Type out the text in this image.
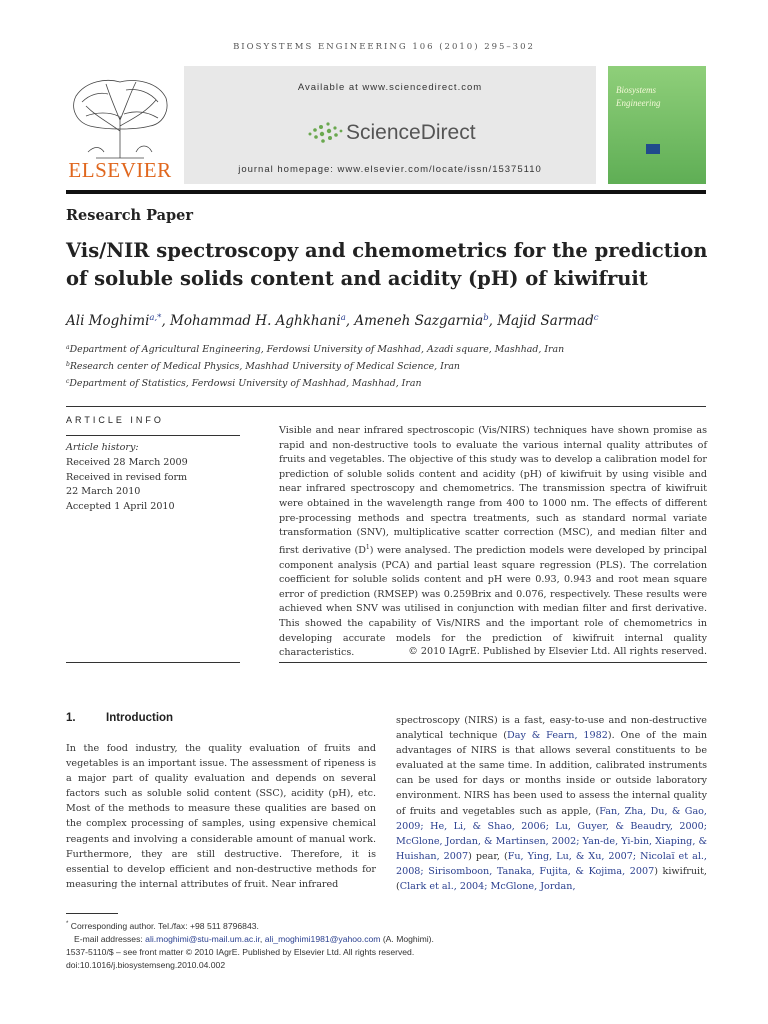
BIOSYSTEMS ENGINEERING 106 (2010) 295–302
ELSEVIER
Available at www.sciencedirect.com
ScienceDirect
journal homepage: www.elsevier.com/locate/issn/15375110
Biosystems
Engineering
Research Paper
Vis/NIR spectroscopy and chemometrics for the prediction of soluble solids content and acidity (pH) of kiwifruit
Ali Moghimi$^{a,*}$, Mohammad H. Aghkhani$^a$, Ameneh Sazgarnia$^b$, Majid Sarmad$^c$
$^a$Department of Agricultural Engineering, Ferdowsi University of Mashhad, Azadi square, Mashhad, Iran
$^b$Research center of Medical Physics, Mashhad University of Medical Science, Iran
$^c$Department of Statistics, Ferdowsi University of Mashhad, Mashhad, Iran
ARTICLE INFO
Article history:
Received 28 March 2009
Received in revised form
22 March 2010
Accepted 1 April 2010
Visible and near infrared spectroscopic (Vis/NIRS) techniques have shown promise as rapid and non-destructive tools to evaluate the various internal quality attributes of fruits and vegetables. The objective of this study was to develop a calibration model for prediction of soluble solids content and acidity (pH) of kiwifruit by using visible and near infrared spectroscopy and chemometrics. The transmission spectra of kiwifruit were obtained in the wavelength range from 400 to 1000 nm. The effects of different pre-processing methods and spectra treatments, such as standard normal variate transformation (SNV), multiplicative scatter correction (MSC), and median filter and first derivative $(D^1)$ were analysed. The prediction models were developed by principal component analysis (PCA) and partial least square regression (PLS). The correlation coefficient for soluble solids content and pH were 0.93, 0.943 and root mean square error of prediction (RMSEP) was 0.259Brix and 0.076, respectively. These results were achieved when SNV was utilised in conjunction with median filter and first derivative. This showed the capability of Vis/NIRS and the important role of chemometrics in developing accurate models for the prediction of kiwifruit internal quality characteristics.	© 2010 IAgrE. Published by Elsevier Ltd. All rights reserved.
1.	Introduction
In the food industry, the quality evaluation of fruits and vegetables is an important issue. The assessment of ripeness is a major part of quality evaluation and depends on several factors such as soluble solid content (SSC), acidity (pH), etc. Most of the methods to measure these qualities are based on the complex processing of samples, using expensive chemical reagents and involving a considerable amount of manual work. Furthermore, they are still destructive. Therefore, it is essential to develop efficient and non-destructive methods for measuring the internal attributes of fruit. Near infrared
spectroscopy (NIRS) is a fast, easy-to-use and non-destructive analytical technique (Day & Fearn, 1982). One of the main advantages of NIRS is that allows several constituents to be evaluated at the same time. In addition, calibrated instruments can be used for days or months inside or outside laboratory environment. NIRS has been used to assess the internal quality of fruits and vegetables such as apple, (Fan, Zha, Du, & Gao, 2009; He, Li, & Shao, 2006; Lu, Guyer, & Beaudry, 2000; McGlone, Jordan, & Martinsen, 2002; Yan-de, Yi-bin, Xiaping, & Huishan, 2007) pear, (Fu, Ying, Lu, & Xu, 2007; Nicolaï et al., 2008; Sirisomboon, Tanaka, Fujita, & Kojima, 2007) kiwifruit, (Clark et al., 2004; McGlone, Jordan,
* Corresponding author. Tel./fax: +98 511 8796843.
E-mail addresses: ali.moghimi@stu-mail.um.ac.ir, ali_moghimi1981@yahoo.com (A. Moghimi).
1537-5110/$ – see front matter © 2010 IAgrE. Published by Elsevier Ltd. All rights reserved.
doi:10.1016/j.biosystemseng.2010.04.002
